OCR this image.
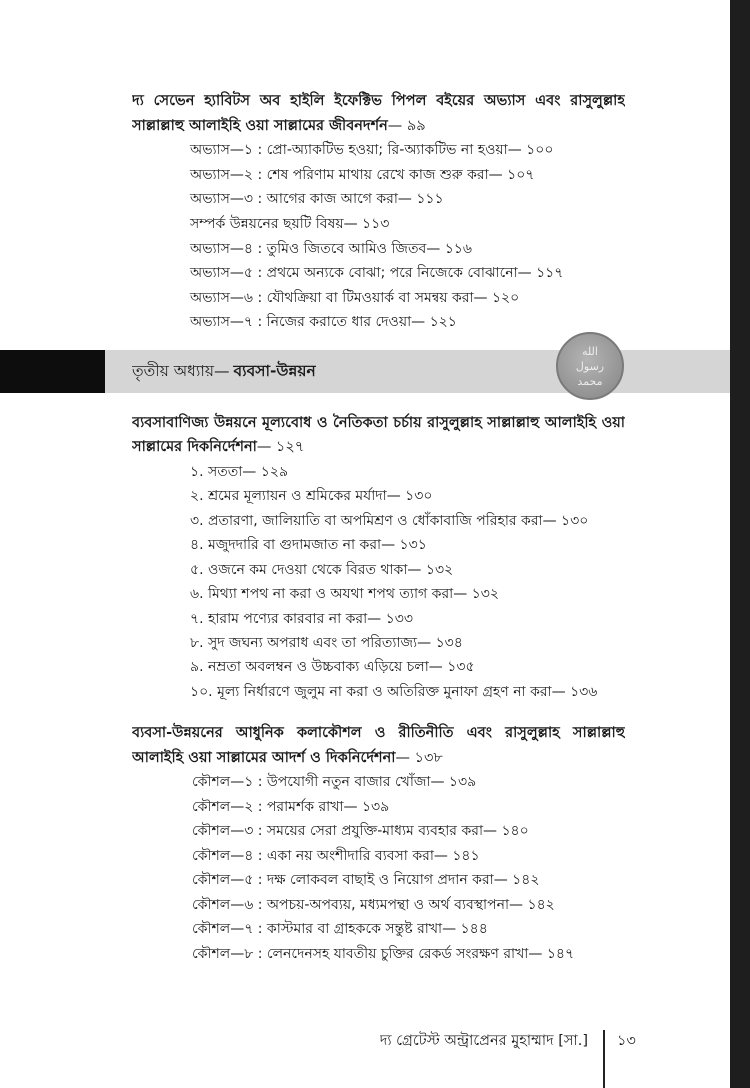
দ্য সেভেন হ্যাবিটস অব হাইলি ইফেক্টিভ পিপল বইয়ের অভ্যাস এবং রাসুলুল্লাহ
সাল্লাল্লাহু আলাইহি ওয়া সাল্লামের জীবনদর্শন— ৯৯
অভ্যাস—১ : প্রো-অ্যাকটিভ হওয়া; রি-অ্যাকটিভ না হওয়া— ১০০
অভ্যাস—২ : শেষ পরিণাম মাথায় রেখে কাজ শুরু করা— ১০৭
অভ্যাস—৩ : আগের কাজ আগে করা— ১১১
সম্পর্ক উন্নয়নের ছয়টি বিষয়— ১১৩
অভ্যাস—৪ : তুমিও জিতবে আমিও জিতব— ১১৬
অভ্যাস—৫ : প্রথমে অন্যকে বোঝা; পরে নিজেকে বোঝানো— ১১৭
অভ্যাস—৬ : যৌথক্রিয়া বা টিমওয়ার্ক বা সমন্বয় করা— ১২০
অভ্যাস—৭ : নিজের করাতে ধার দেওয়া— ১২১
তৃতীয় অধ্যায়— ব্যবসা-উন্নয়ন
الله
رسول
محمد
ব্যবসাবাণিজ্য উন্নয়নে মূল্যবোধ ও নৈতিকতা চর্চায় রাসুলুল্লাহ সাল্লাল্লাহু আলাইহি ওয়া
সাল্লামের দিকনির্দেশনা— ১২৭
১. সততা— ১২৯
২. শ্রমের মূল্যায়ন ও শ্রমিকের মর্যাদা— ১৩০
৩. প্রতারণা, জালিয়াতি বা অপমিশ্রণ ও ধোঁকাবাজি পরিহার করা— ১৩০
৪. মজুদদারি বা গুদামজাত না করা— ১৩১
৫. ওজনে কম দেওয়া থেকে বিরত থাকা— ১৩২
৬. মিথ্যা শপথ না করা ও অযথা শপথ ত্যাগ করা— ১৩২
৭. হারাম পণ্যের কারবার না করা— ১৩৩
৮. সুদ জঘন্য অপরাধ এবং তা পরিত্যাজ্য— ১৩৪
৯. নম্রতা অবলম্বন ও উচ্চবাক্য এড়িয়ে চলা— ১৩৫
১০. মূল্য নির্ধারণে জুলুম না করা ও অতিরিক্ত মুনাফা গ্রহণ না করা— ১৩৬
ব্যবসা-উন্নয়নের আধুনিক কলাকৌশল ও রীতিনীতি এবং রাসুলুল্লাহ সাল্লাল্লাহু
আলাইহি ওয়া সাল্লামের আদর্শ ও দিকনির্দেশনা— ১৩৮
কৌশল—১ : উপযোগী নতুন বাজার খোঁজা— ১৩৯
কৌশল—২ : পরামর্শক রাখা— ১৩৯
কৌশল—৩ : সময়ের সেরা প্রযুক্তি-মাধ্যম ব্যবহার করা— ১৪০
কৌশল—৪ : একা নয় অংশীদারি ব্যবসা করা— ১৪১
কৌশল—৫ : দক্ষ লোকবল বাছাই ও নিয়োগ প্রদান করা— ১৪২
কৌশল—৬ : অপচয়-অপব্যয়, মধ্যমপন্থা ও অর্থ ব্যবস্থাপনা— ১৪২
কৌশল—৭ : কাস্টমার বা গ্রাহককে সন্তুষ্ট রাখা— ১৪৪
কৌশল—৮ : লেনদেনসহ যাবতীয় চুক্তির রেকর্ড সংরক্ষণ রাখা— ১৪৭
দ্য গ্রেটেস্ট অন্ট্রাপ্রেনর মুহাম্মাদ [সা.] ১৩
